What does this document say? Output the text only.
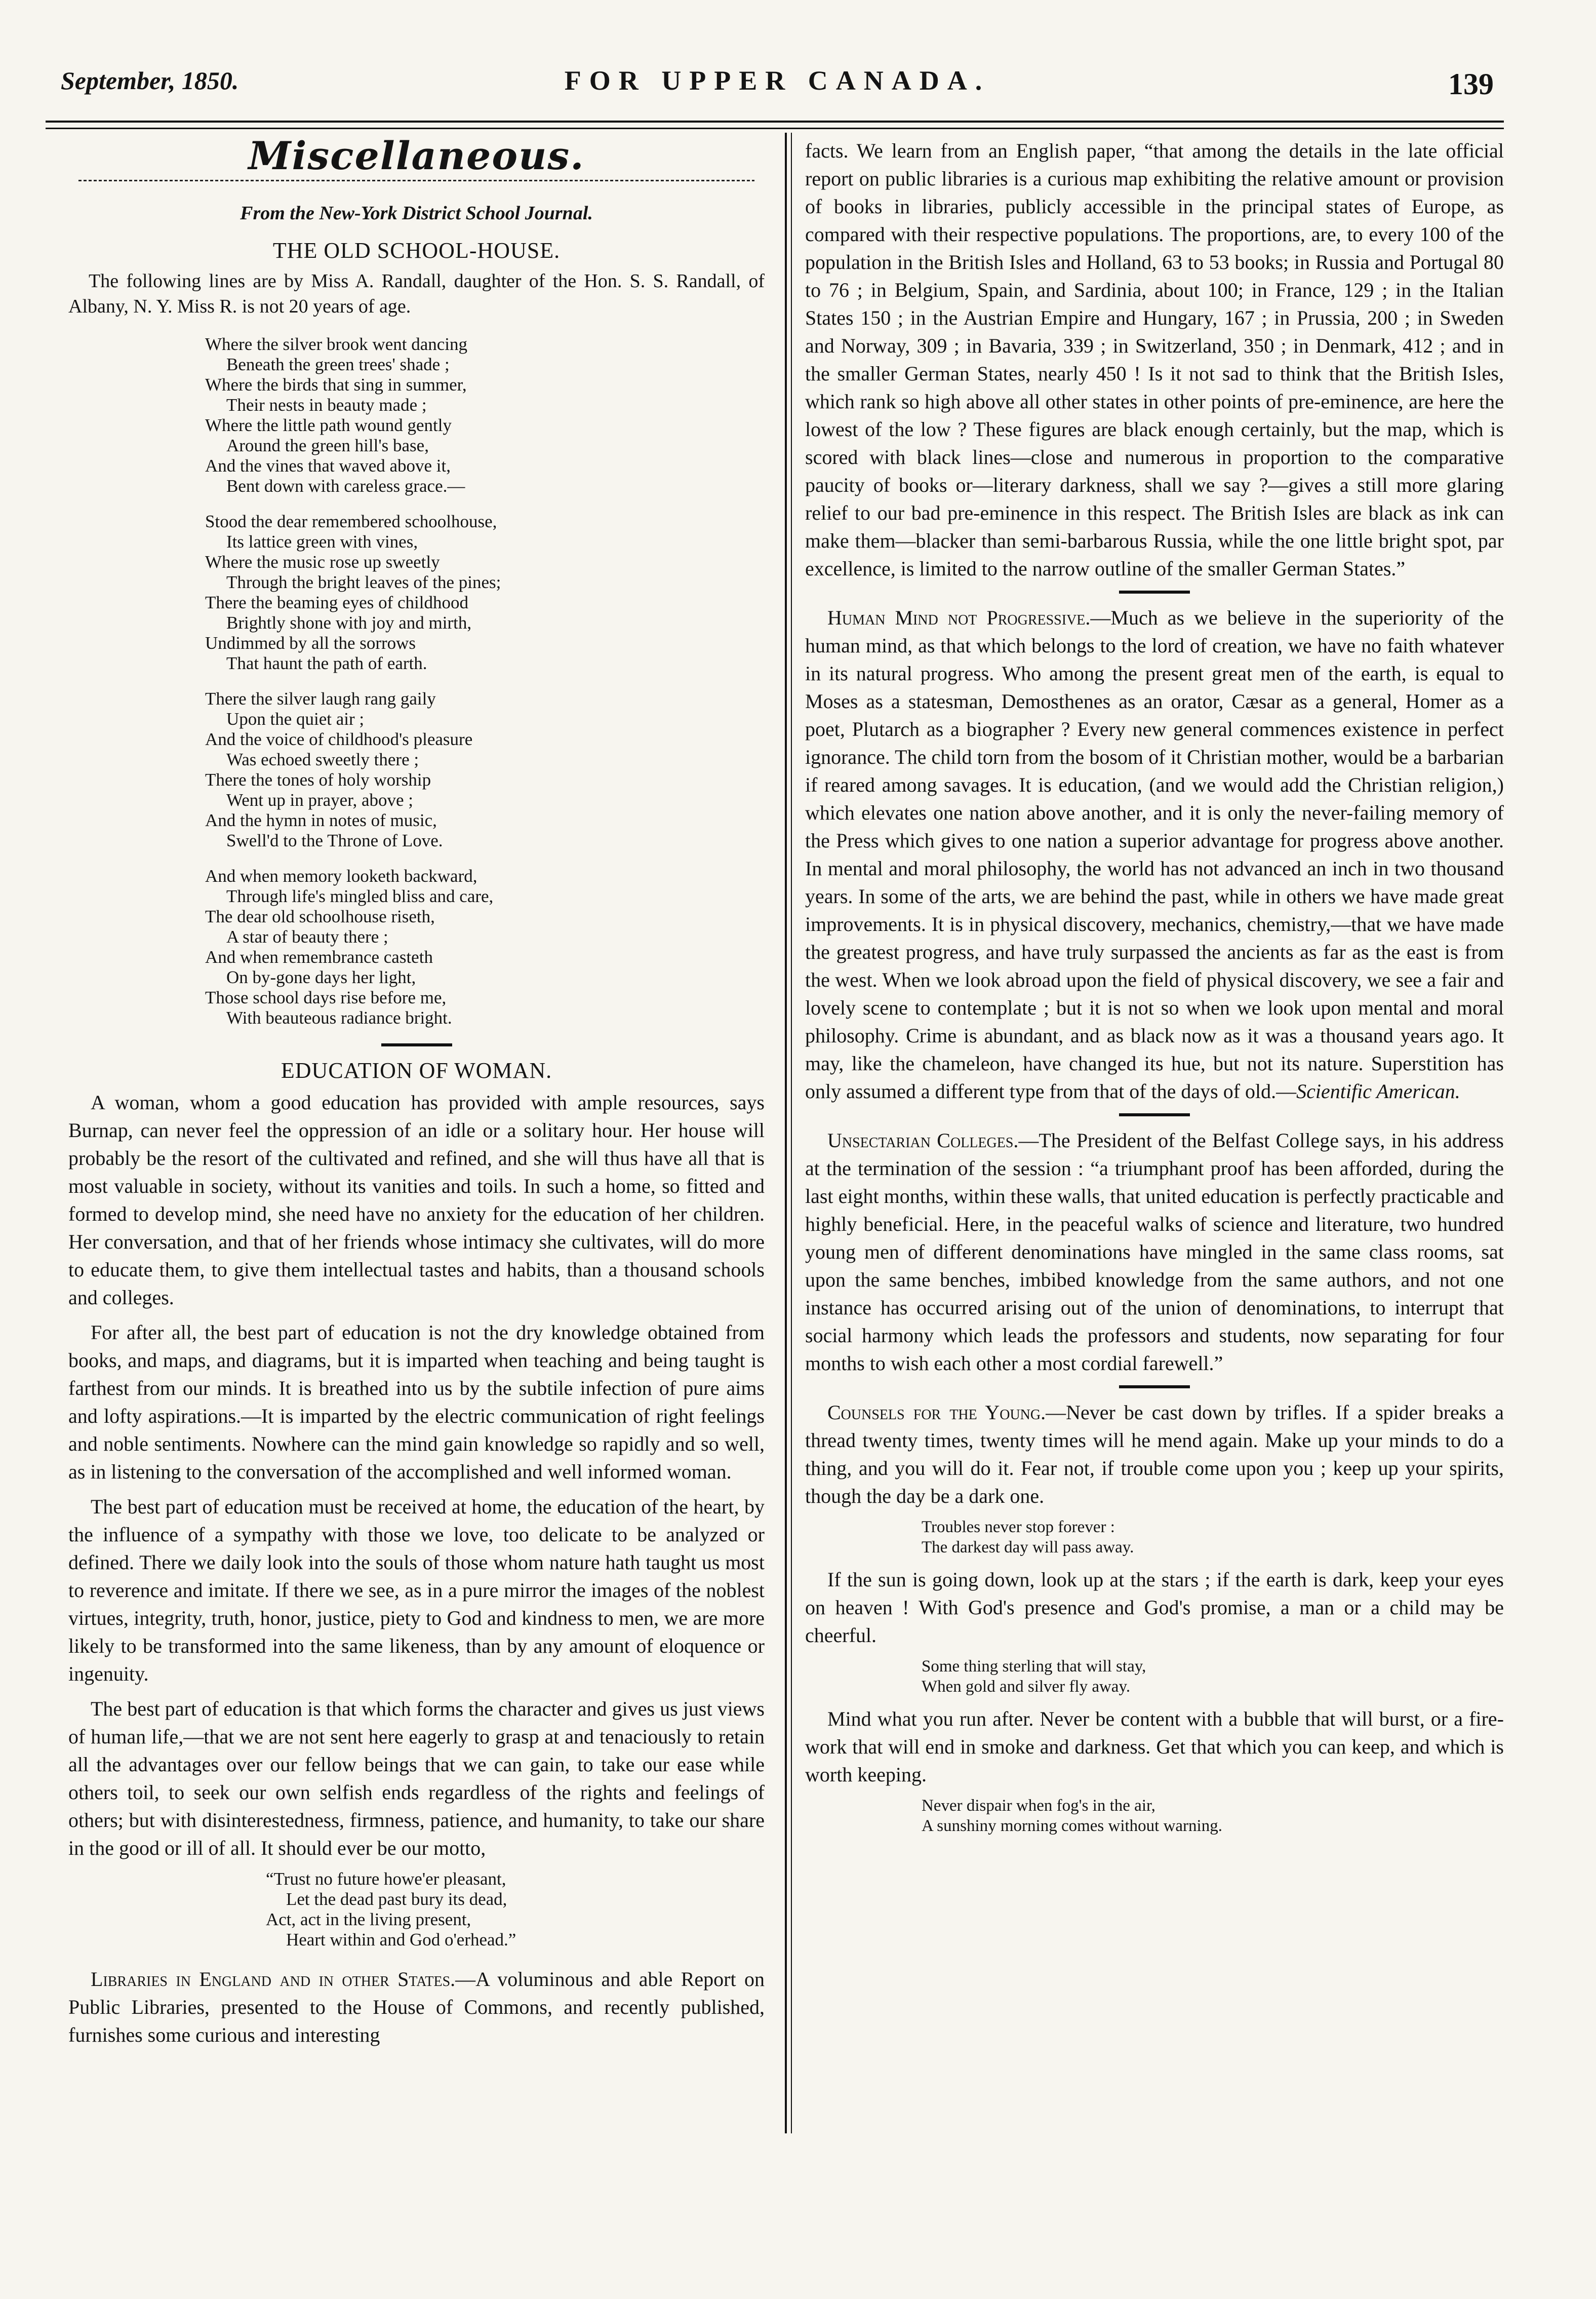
September, 1850.	FOR UPPER CANADA.	139
Miscellaneous.
From the New-York District School Journal.
THE OLD SCHOOL-HOUSE.

The following lines are by Miss A. Randall, daughter of the Hon. S. S. Randall, of Albany, N. Y. Miss R. is not 20 years of age.

Where the silver brook went dancing
Beneath the green trees' shade ;
Where the birds that sing in summer,
Their nests in beauty made ;
Where the little path wound gently
Around the green hill's base,
And the vines that waved above it,
Bent down with careless grace.—
Stood the dear remembered schoolhouse,
Its lattice green with vines,
Where the music rose up sweetly
Through the bright leaves of the pines;
There the beaming eyes of childhood
Brightly shone with joy and mirth,
Undimmed by all the sorrows
That haunt the path of earth.
There the silver laugh rang gaily
Upon the quiet air ;
And the voice of childhood's pleasure
Was echoed sweetly there ;
There the tones of holy worship
Went up in prayer, above ;
And the hymn in notes of music,
Swell'd to the Throne of Love.
And when memory looketh backward,
Through life's mingled bliss and care,
The dear old schoolhouse riseth,
A star of beauty there ;
And when remembrance casteth
On by-gone days her light,
Those school days rise before me,
With beauteous radiance bright.
EDUCATION OF WOMAN.

A woman, whom a good education has provided with ample resources, says Burnap, can never feel the oppression of an idle or a solitary hour. Her house will probably be the resort of the cultivated and refined, and she will thus have all that is most valuable in society, without its vanities and toils. In such a home, so fitted and formed to develop mind, she need have no anxiety for the education of her children. Her conversation, and that of her friends whose intimacy she cultivates, will do more to educate them, to give them intellectual tastes and habits, than a thousand schools and colleges.

For after all, the best part of education is not the dry knowledge obtained from books, and maps, and diagrams, but it is imparted when teaching and being taught is farthest from our minds. It is breathed into us by the subtile infection of pure aims and lofty aspirations.—It is imparted by the electric communication of right feelings and noble sentiments. Nowhere can the mind gain knowledge so rapidly and so well, as in listening to the conversation of the accomplished and well informed woman.

The best part of education must be received at home, the education of the heart, by the influence of a sympathy with those we love, too delicate to be analyzed or defined. There we daily look into the souls of those whom nature hath taught us most to reverence and imitate. If there we see, as in a pure mirror the images of the noblest virtues, integrity, truth, honor, justice, piety to God and kindness to men, we are more likely to be transformed into the same likeness, than by any amount of eloquence or ingenuity.

The best part of education is that which forms the character and gives us just views of human life,—that we are not sent here eagerly to grasp at and tenaciously to retain all the advantages over our fellow beings that we can gain, to take our ease while others toil, to seek our own selfish ends regardless of the rights and feelings of others; but with disinterestedness, firmness, patience, and humanity, to take our share in the good or ill of all. It should ever be our motto,

“Trust no future howe'er pleasant,
Let the dead past bury its dead,
Act, act in the living present,
Heart within and God o'erhead.”

Libraries in England and in other States.—A voluminous and able Report on Public Libraries, presented to the House of Commons, and recently published, furnishes some curious and interesting

facts. We learn from an English paper, “that among the details in the late official report on public libraries is a curious map exhibiting the relative amount or provision of books in libraries, publicly accessible in the principal states of Europe, as compared with their respective populations. The proportions, are, to every 100 of the population in the British Isles and Holland, 63 to 53 books; in Russia and Portugal 80 to 76 ; in Belgium, Spain, and Sardinia, about 100; in France, 129 ; in the Italian States 150 ; in the Austrian Empire and Hungary, 167 ; in Prussia, 200 ; in Sweden and Norway, 309 ; in Bavaria, 339 ; in Switzerland, 350 ; in Denmark, 412 ; and in the smaller German States, nearly 450 ! Is it not sad to think that the British Isles, which rank so high above all other states in other points of pre-eminence, are here the lowest of the low ? These figures are black enough certainly, but the map, which is scored with black lines—close and numerous in proportion to the comparative paucity of books or—literary darkness, shall we say ?—gives a still more glaring relief to our bad pre-eminence in this respect. The British Isles are black as ink can make them—blacker than semi-barbarous Russia, while the one little bright spot, par excellence, is limited to the narrow outline of the smaller German States.”

Human Mind not Progressive.—Much as we believe in the superiority of the human mind, as that which belongs to the lord of creation, we have no faith whatever in its natural progress. Who among the present great men of the earth, is equal to Moses as a statesman, Demosthenes as an orator, Cæsar as a general, Homer as a poet, Plutarch as a biographer ? Every new general commences existence in perfect ignorance. The child torn from the bosom of it Christian mother, would be a barbarian if reared among savages. It is education, (and we would add the Christian religion,) which elevates one nation above another, and it is only the never-failing memory of the Press which gives to one nation a superior advantage for progress above another. In mental and moral philosophy, the world has not advanced an inch in two thousand years. In some of the arts, we are behind the past, while in others we have made great improvements. It is in physical discovery, mechanics, chemistry,—that we have made the greatest progress, and have truly surpassed the ancients as far as the east is from the west. When we look abroad upon the field of physical discovery, we see a fair and lovely scene to contemplate ; but it is not so when we look upon mental and moral philosophy. Crime is abundant, and as black now as it was a thousand years ago. It may, like the chameleon, have changed its hue, but not its nature. Superstition has only assumed a different type from that of the days of old.—Scientific American.

Unsectarian Colleges.—The President of the Belfast College says, in his address at the termination of the session : “a triumphant proof has been afforded, during the last eight months, within these walls, that united education is perfectly practicable and highly beneficial. Here, in the peaceful walks of science and literature, two hundred young men of different denominations have mingled in the same class rooms, sat upon the same benches, imbibed knowledge from the same authors, and not one instance has occurred arising out of the union of denominations, to interrupt that social harmony which leads the professors and students, now separating for four months to wish each other a most cordial farewell.”

Counsels for the Young.—Never be cast down by trifles. If a spider breaks a thread twenty times, twenty times will he mend again. Make up your minds to do a thing, and you will do it. Fear not, if trouble come upon you ; keep up your spirits, though the day be a dark one.

Troubles never stop forever :
The darkest day will pass away.

If the sun is going down, look up at the stars ; if the earth is dark, keep your eyes on heaven ! With God's presence and God's promise, a man or a child may be cheerful.

Some thing sterling that will stay,
When gold and silver fly away.

Mind what you run after. Never be content with a bubble that will burst, or a fire-work that will end in smoke and darkness. Get that which you can keep, and which is worth keeping.

Never dispair when fog's in the air,
A sunshiny morning comes without warning.
